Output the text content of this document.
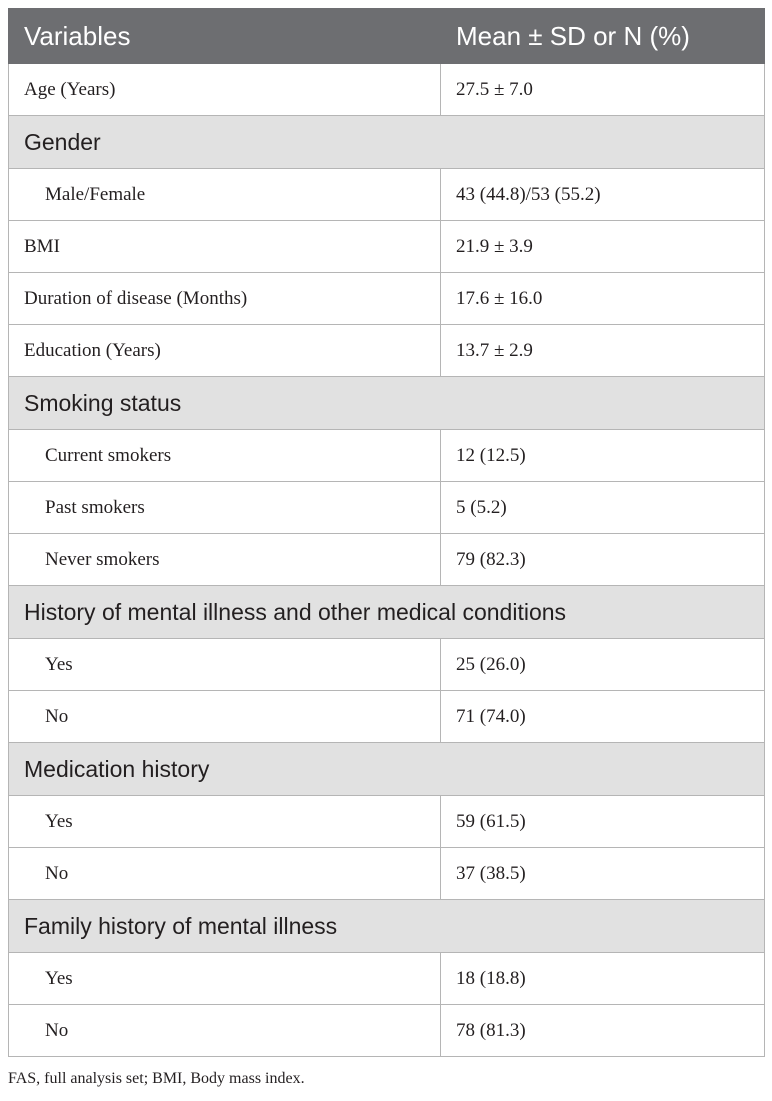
Variables	Mean ± SD or N (%)
Age (Years)	27.5 ± 7.0
Gender	
Male/Female	43 (44.8)/53 (55.2)
BMI	21.9 ± 3.9
Duration of disease (Months)	17.6 ± 16.0
Education (Years)	13.7 ± 2.9
Smoking status	
Current smokers	12 (12.5)
Past smokers	5 (5.2)
Never smokers	79 (82.3)
History of mental illness and other medical conditions	
Yes	25 (26.0)
No	71 (74.0)
Medication history	
Yes	59 (61.5)
No	37 (38.5)
Family history of mental illness	
Yes	18 (18.8)
No	78 (81.3)
FAS, full analysis set; BMI, Body mass index.
